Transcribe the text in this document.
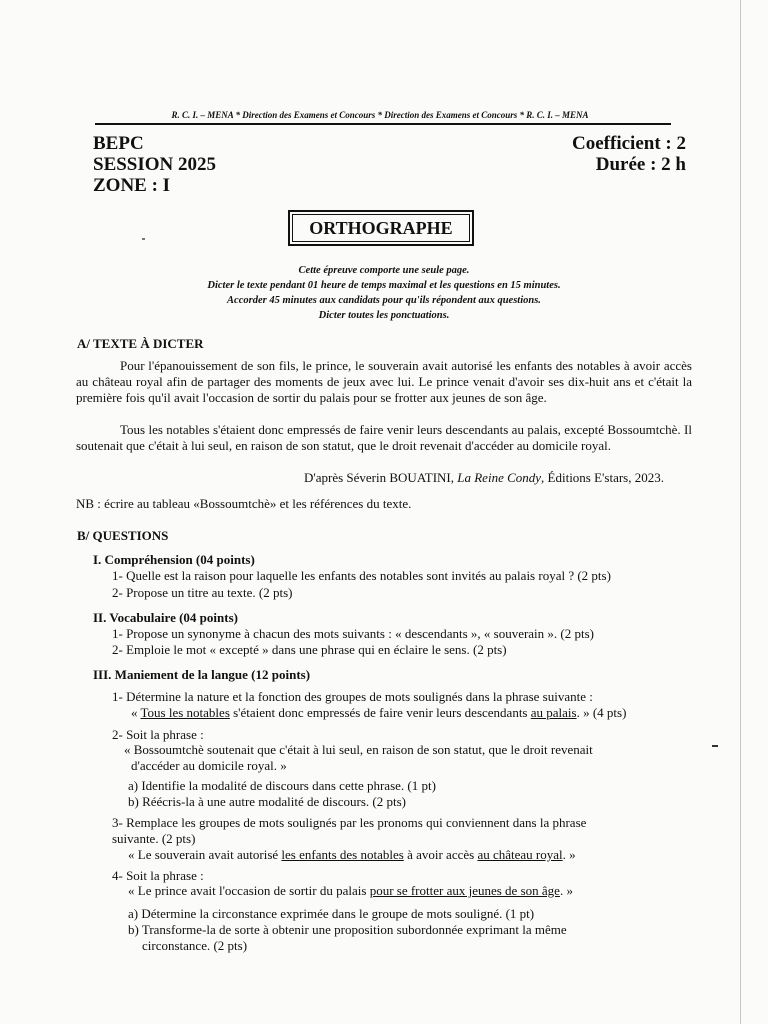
R. C. I. – MENA * Direction des Examens et Concours * Direction des Examens et Concours * R. C. I. – MENA
BEPC
SESSION 2025
ZONE : I
Coefficient : 2
Durée : 2 h
ORTHOGRAPHE
Cette épreuve comporte une seule page.
Dicter le texte pendant 01 heure de temps maximal et les questions en 15 minutes.
Accorder 45 minutes aux candidats pour qu'ils répondent aux questions.
Dicter toutes les ponctuations.
A/ TEXTE À DICTER
Pour l'épanouissement de son fils, le prince, le souverain avait autorisé les enfants des notables à avoir accès au château royal afin de partager des moments de jeux avec lui. Le prince venait d'avoir ses dix-huit ans et c'était la première fois qu'il avait l'occasion de sortir du palais pour se frotter aux jeunes de son âge.
Tous les notables s'étaient donc empressés de faire venir leurs descendants au palais, excepté Bossoumtchè. Il soutenait que c'était à lui seul, en raison de son statut, que le droit revenait d'accéder au domicile royal.
D'après Séverin BOUATINI, La Reine Condy, Éditions E'stars, 2023.
NB : écrire au tableau «Bossoumtchè» et les références du texte.
B/ QUESTIONS
I. Compréhension (04 points)
1- Quelle est la raison pour laquelle les enfants des notables sont invités au palais royal ? (2 pts)
2- Propose un titre au texte. (2 pts)
II. Vocabulaire (04 points)
1- Propose un synonyme à chacun des mots suivants : « descendants », « souverain ». (2 pts)
2- Emploie le mot « excepté » dans une phrase qui en éclaire le sens. (2 pts)
III. Maniement de la langue (12 points)
1- Détermine la nature et la fonction des groupes de mots soulignés dans la phrase suivante :
« Tous les notables s'étaient donc empressés de faire venir leurs descendants au palais. » (4 pts)
2- Soit la phrase :
« Bossoumtchè soutenait que c'était à lui seul, en raison de son statut, que le droit revenait
d'accéder au domicile royal. »
a) Identifie la modalité de discours dans cette phrase. (1 pt)
b) Réécris-la à une autre modalité de discours. (2 pts)
3- Remplace les groupes de mots soulignés par les pronoms qui conviennent dans la phrase
suivante. (2 pts)
« Le souverain avait autorisé les enfants des notables à avoir accès au château royal. »
4- Soit la phrase :
« Le prince avait l'occasion de sortir du palais pour se frotter aux jeunes de son âge. »
a) Détermine la circonstance exprimée dans le groupe de mots souligné. (1 pt)
b) Transforme-la de sorte à obtenir une proposition subordonnée exprimant la même
circonstance. (2 pts)
